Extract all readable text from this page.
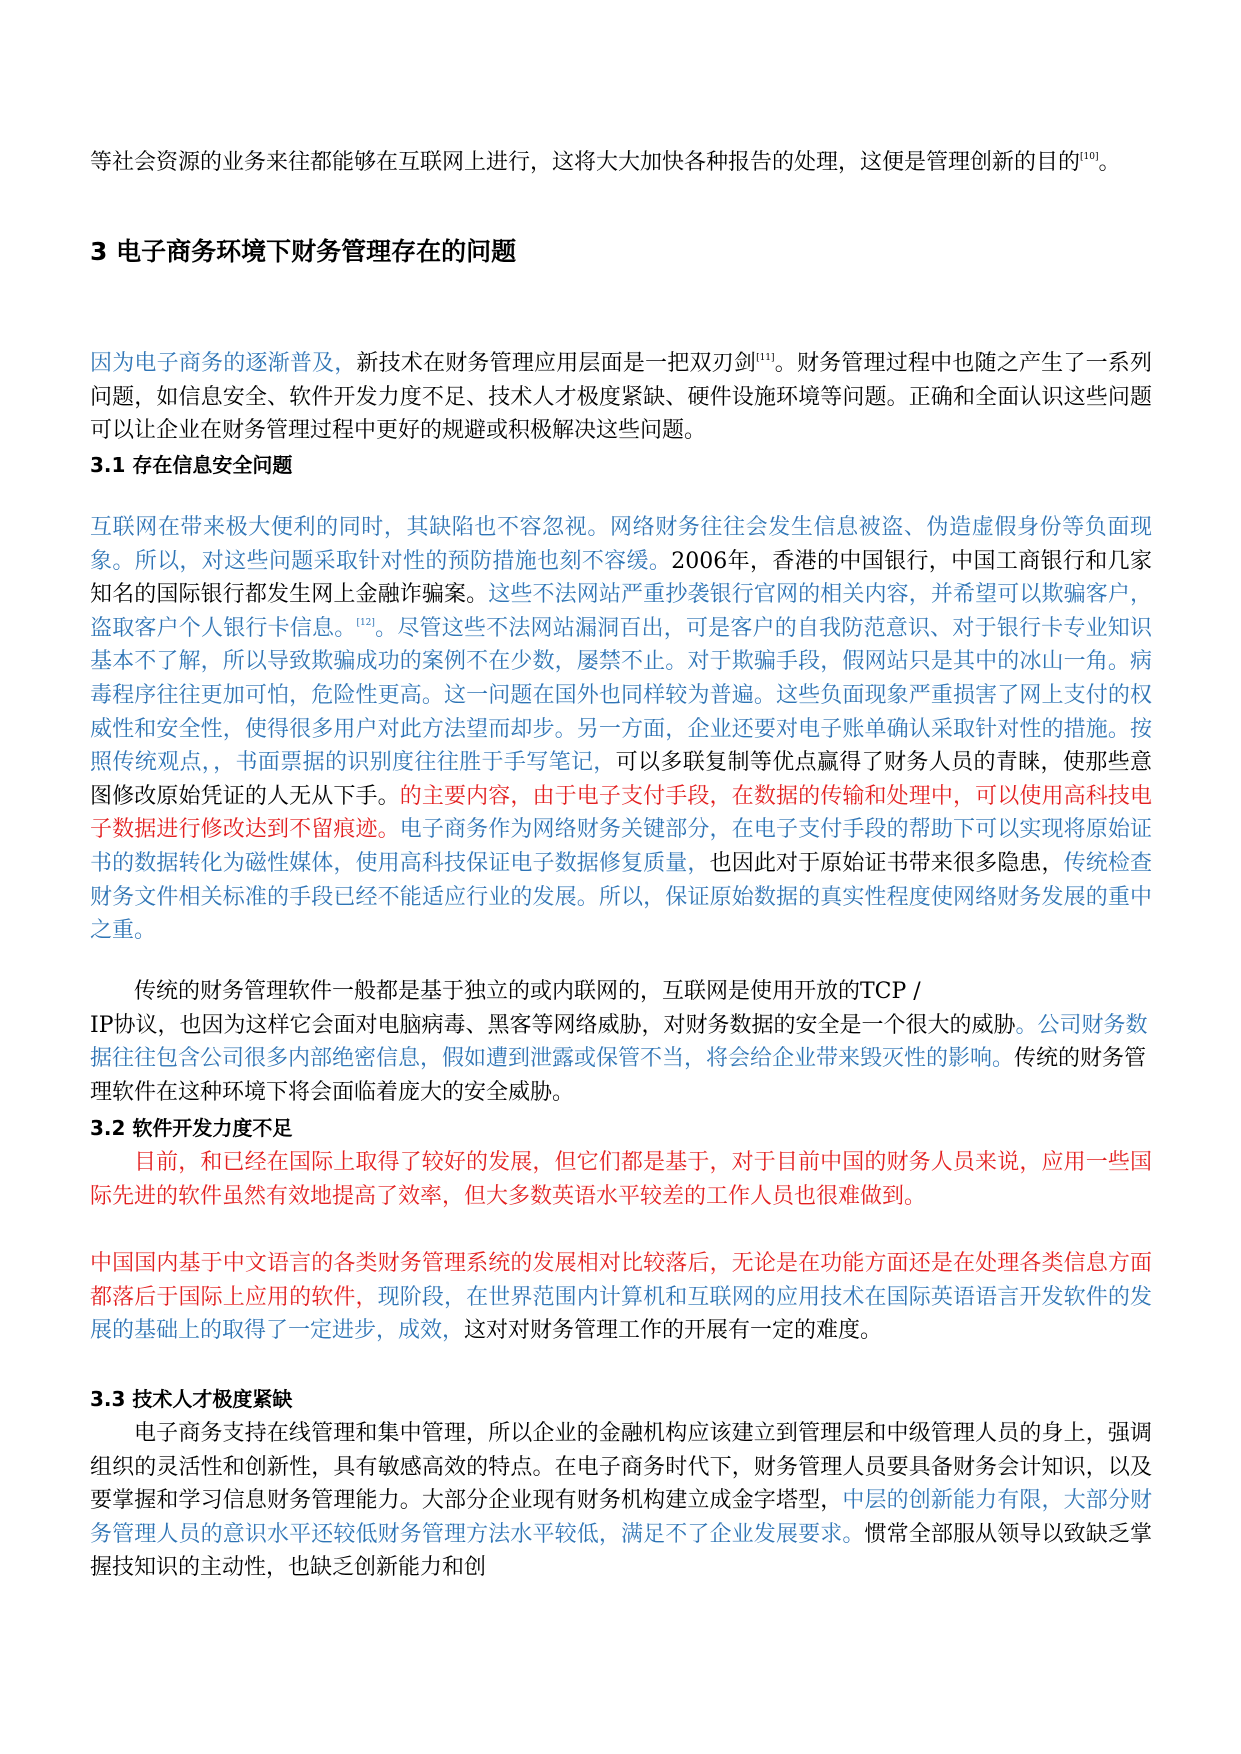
等社会资源的业务来往都能够在互联网上进行，这将大大加快各种报告的处理，这便是管理创新的目的[10]。

3 电子商务环境下财务管理存在的问题

因为电子商务的逐渐普及，新技术在财务管理应用层面是一把双刃剑[11]。财务管理过程中也随之产生了一系列问题，如信息安全、软件开发力度不足、技术人才极度紧缺、硬件设施环境等问题。正确和全面认识这些问题可以让企业在财务管理过程中更好的规避或积极解决这些问题。

3.1 存在信息安全问题

互联网在带来极大便利的同时，其缺陷也不容忽视。网络财务往往会发生信息被盗、伪造虚假身份等负面现象。所以，对这些问题采取针对性的预防措施也刻不容缓。2006年，香港的中国银行，中国工商银行和几家知名的国际银行都发生网上金融诈骗案。这些不法网站严重抄袭银行官网的相关内容，并希望可以欺骗客户，盗取客户个人银行卡信息。[12]。尽管这些不法网站漏洞百出，可是客户的自我防范意识、对于银行卡专业知识基本不了解，所以导致欺骗成功的案例不在少数，屡禁不止。对于欺骗手段，假网站只是其中的冰山一角。病毒程序往往更加可怕，危险性更高。这一问题在国外也同样较为普遍。这些负面现象严重损害了网上支付的权威性和安全性，使得很多用户对此方法望而却步。另一方面，企业还要对电子账单确认采取针对性的措施。按照传统观点，，书面票据的识别度往往胜于手写笔记，可以多联复制等优点赢得了财务人员的青睐，使那些意图修改原始凭证的人无从下手。的主要内容，由于电子支付手段，在数据的传输和处理中，可以使用高科技电子数据进行修改达到不留痕迹。电子商务作为网络财务关键部分，在电子支付手段的帮助下可以实现将原始证书的数据转化为磁性媒体，使用高科技保证电子数据修复质量，也因此对于原始证书带来很多隐患，传统检查财务文件相关标准的手段已经不能适应行业的发展。所以，保证原始数据的真实性程度使网络财务发展的重中之重。

传统的财务管理软件一般都是基于独立的或内联网的，互联网是使用开放的TCP /
IP协议，也因为这样它会面对电脑病毒、黑客等网络威胁，对财务数据的安全是一个很大的威胁。公司财务数据往往包含公司很多内部绝密信息，假如遭到泄露或保管不当，将会给企业带来毁灭性的影响。传统的财务管理软件在这种环境下将会面临着庞大的安全威胁。

3.2 软件开发力度不足

目前，和已经在国际上取得了较好的发展，但它们都是基于，对于目前中国的财务人员来说，应用一些国际先进的软件虽然有效地提高了效率，但大多数英语水平较差的工作人员也很难做到。

中国国内基于中文语言的各类财务管理系统的发展相对比较落后，无论是在功能方面还是在处理各类信息方面都落后于国际上应用的软件，现阶段，在世界范围内计算机和互联网的应用技术在国际英语语言开发软件的发展的基础上的取得了一定进步，成效，这对对财务管理工作的开展有一定的难度。

3.3 技术人才极度紧缺

电子商务支持在线管理和集中管理，所以企业的金融机构应该建立到管理层和中级管理人员的身上，强调组织的灵活性和创新性，具有敏感高效的特点。在电子商务时代下，财务管理人员要具备财务会计知识，以及要掌握和学习信息财务管理能力。大部分企业现有财务机构建立成金字塔型，中层的创新能力有限，大部分财务管理人员的意识水平还较低财务管理方法水平较低，满足不了企业发展要求。惯常全部服从领导以致缺乏掌握技知识的主动性，也缺乏创新能力和创
